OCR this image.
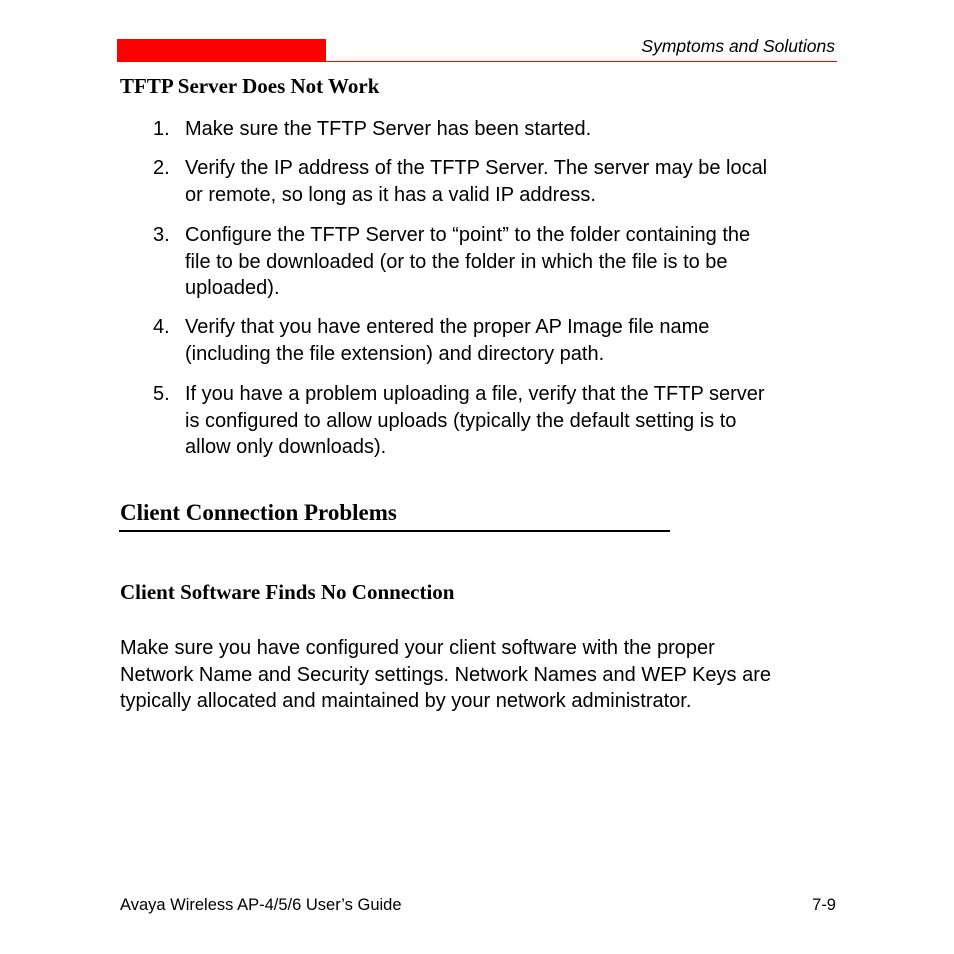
Symptoms and Solutions
TFTP Server Does Not Work
1. Make sure the TFTP Server has been started.
2. Verify the IP address of the TFTP Server. The server may be local
or remote, so long as it has a valid IP address.
3. Configure the TFTP Server to “point” to the folder containing the
file to be downloaded (or to the folder in which the file is to be
uploaded).
4. Verify that you have entered the proper AP Image file name
(including the file extension) and directory path.
5. If you have a problem uploading a file, verify that the TFTP server
is configured to allow uploads (typically the default setting is to
allow only downloads).
Client Connection Problems
Client Software Finds No Connection
Make sure you have configured your client software with the proper
Network Name and Security settings. Network Names and WEP Keys are
typically allocated and maintained by your network administrator.
Avaya Wireless AP-4/5/6 User’s Guide	7-9
